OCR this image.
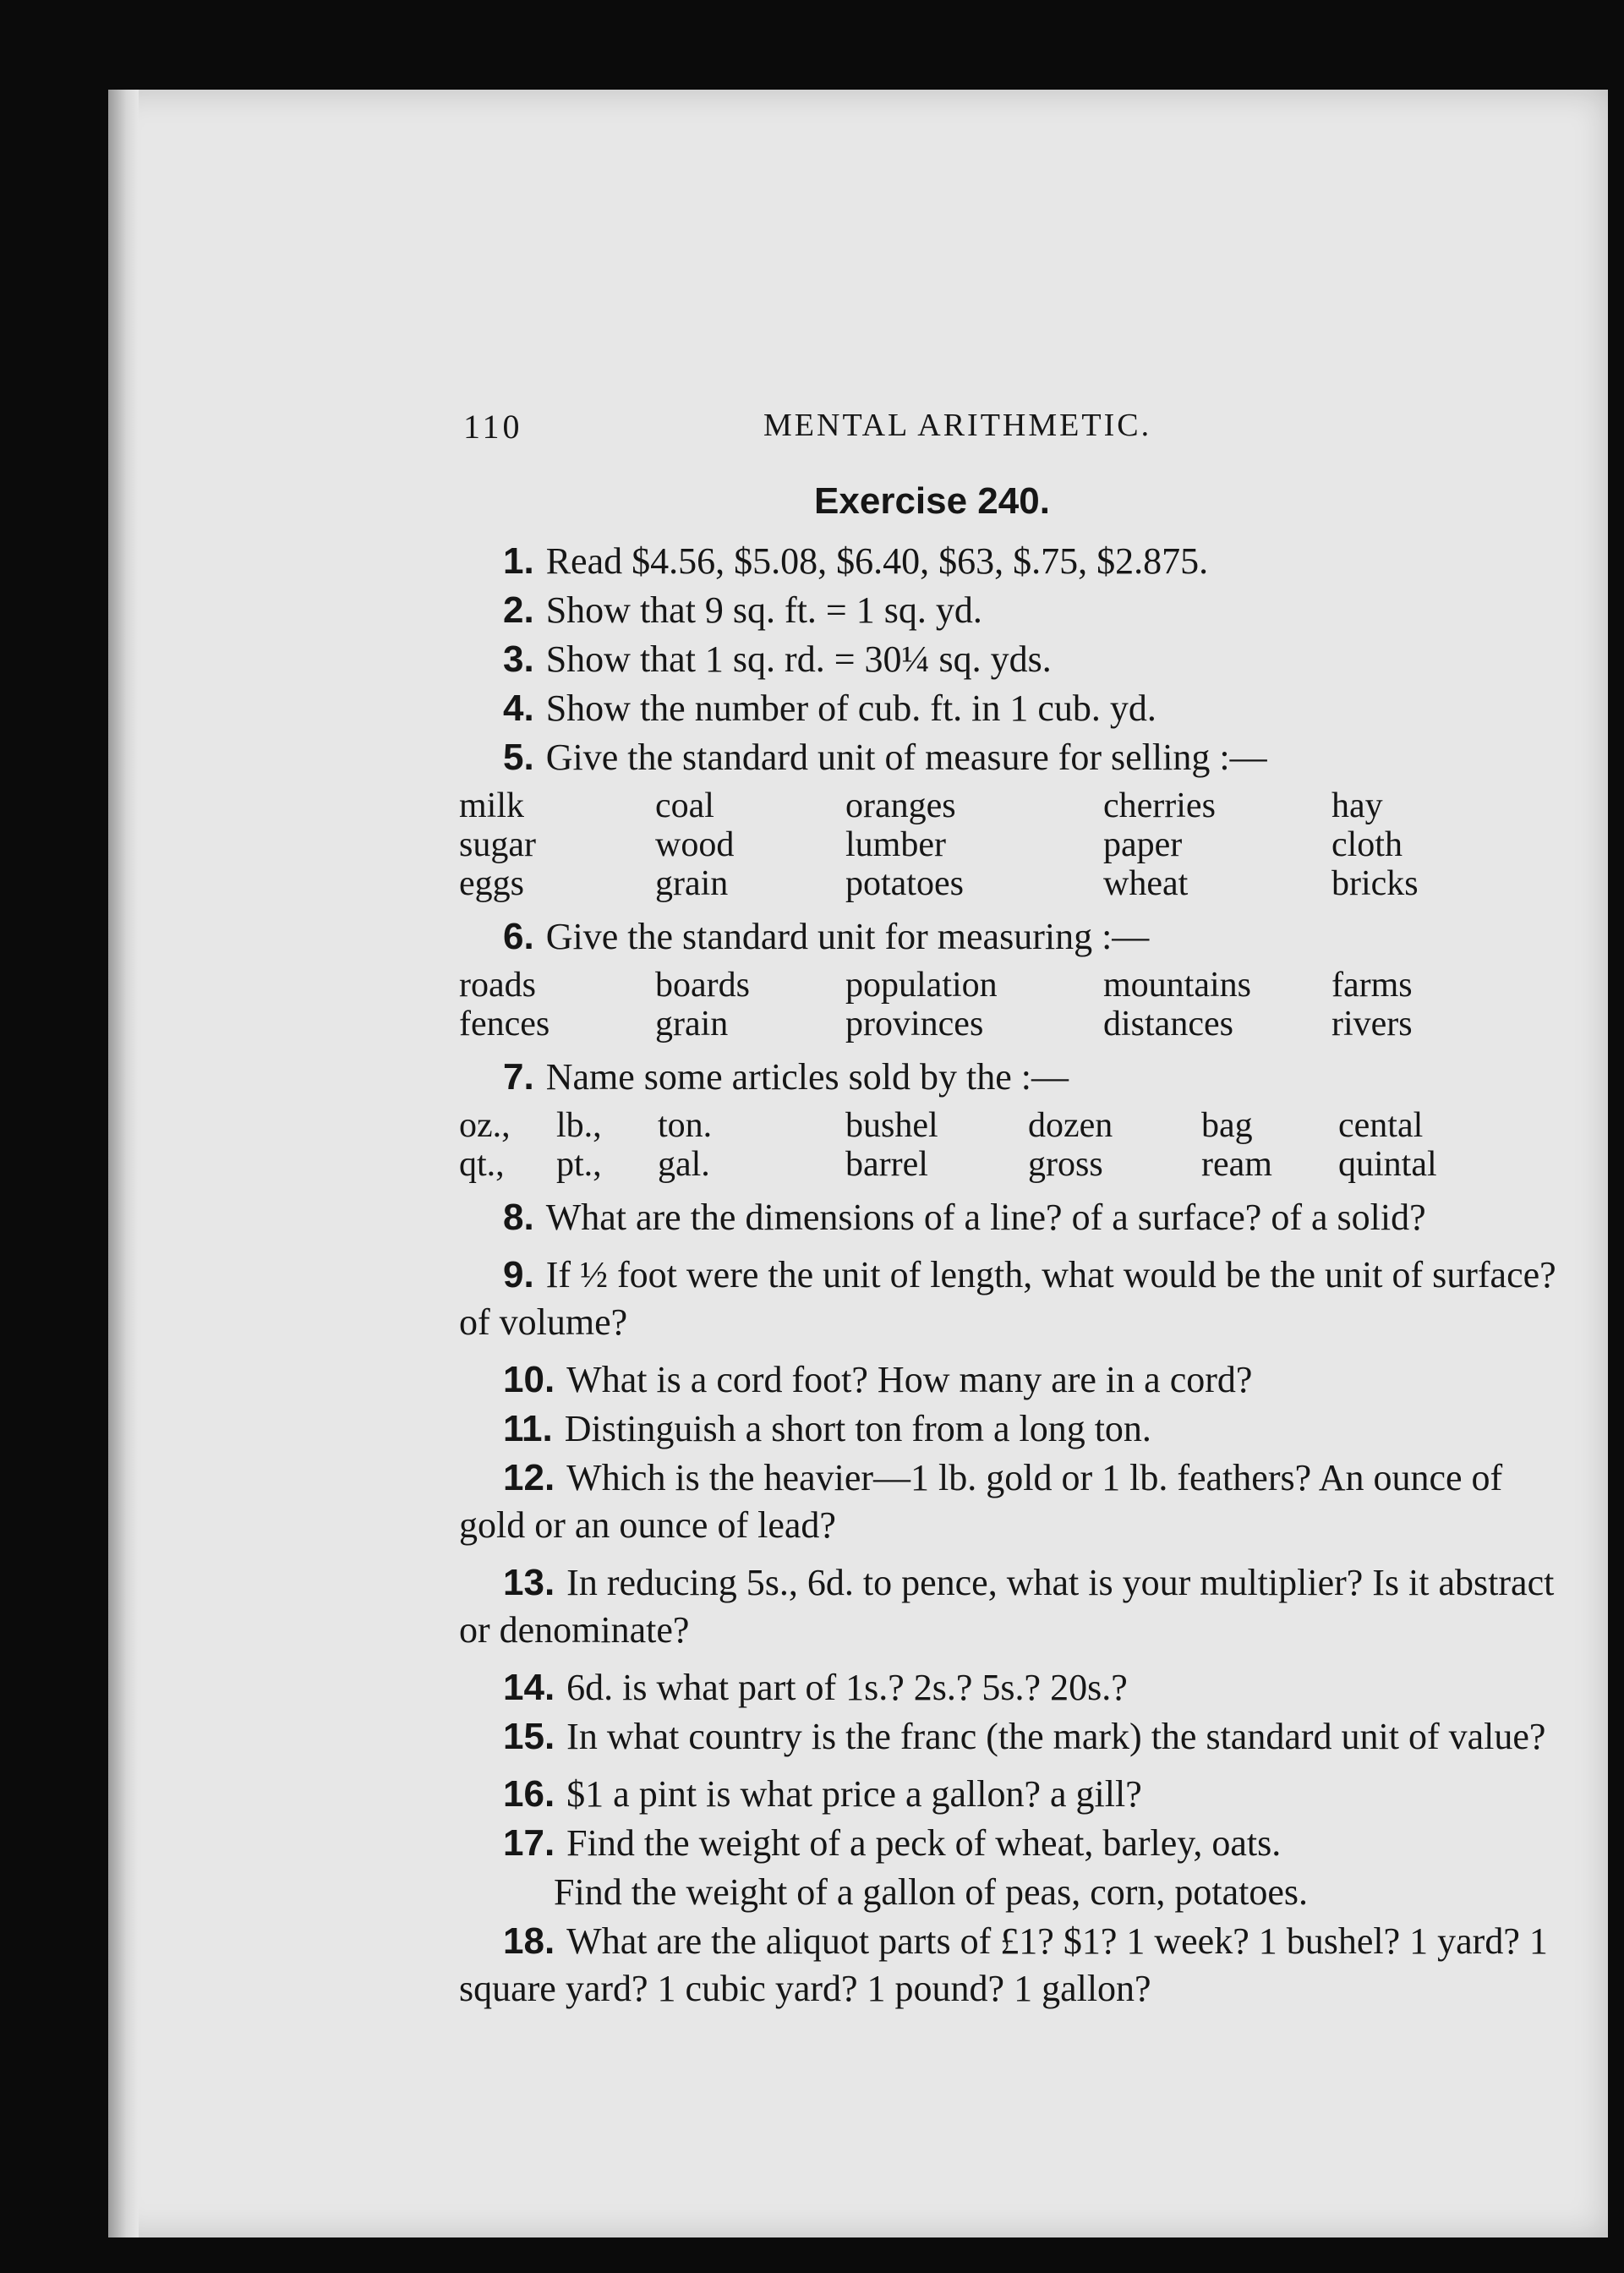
110	MENTAL ARITHMETIC.
Exercise 240.
1. Read $4.56, $5.08, $6.40, $63, $.75, $2.875.
2. Show that 9 sq. ft. = 1 sq. yd.
3. Show that 1 sq. rd. = 30¼ sq. yds.
4. Show the number of cub. ft. in 1 cub. yd.
5. Give the standard unit of measure for selling :—
milk	coal	oranges	cherries	hay
sugar	wood	lumber	paper	cloth
eggs	grain	potatoes	wheat	bricks
6. Give the standard unit for measuring :—
roads	boards	population	mountains	farms
fences	grain	provinces	distances	rivers
7. Name some articles sold by the :—
oz.,	lb.,	ton.	bushel	dozen	bag	cental
qt.,	pt.,	gal.	barrel	gross	ream	quintal
8. What are the dimensions of a line? of a surface? of a solid?
9. If ½ foot were the unit of length, what would be the unit of surface? of volume?
10. What is a cord foot? How many are in a cord?
11. Distinguish a short ton from a long ton.
12. Which is the heavier—1 lb. gold or 1 lb. feathers? An ounce of gold or an ounce of lead?
13. In reducing 5s., 6d. to pence, what is your multiplier? Is it abstract or denominate?
14. 6d. is what part of 1s.? 2s.? 5s.? 20s.?
15. In what country is the franc (the mark) the standard unit of value?
16. $1 a pint is what price a gallon? a gill?
17. Find the weight of a peck of wheat, barley, oats.
Find the weight of a gallon of peas, corn, potatoes.
18. What are the aliquot parts of £1? $1? 1 week? 1 bushel? 1 yard? 1 square yard? 1 cubic yard? 1 pound? 1 gallon?
